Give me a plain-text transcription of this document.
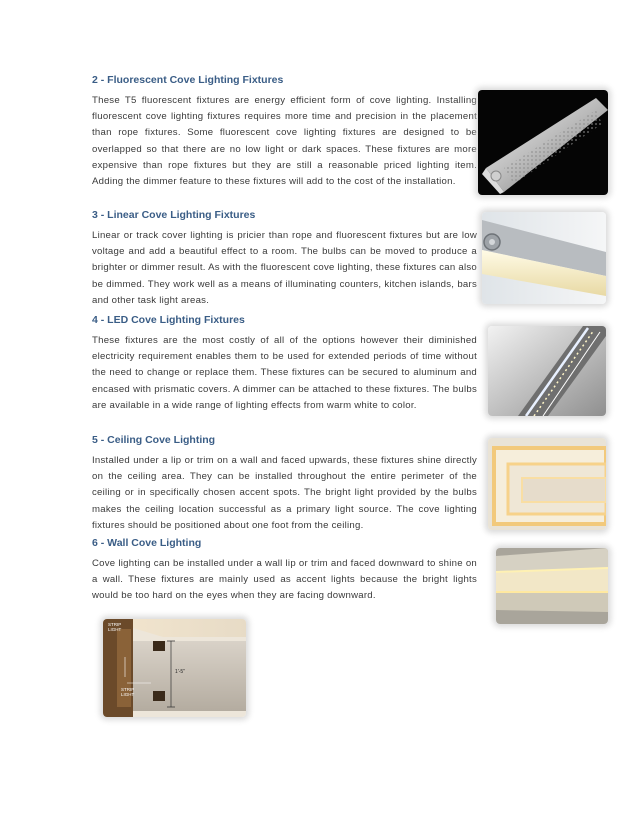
2 - Fluorescent Cove Lighting Fixtures

These T5 fluorescent fixtures are energy efficient form of cove lighting. Installing fluorescent cove lighting fixtures requires more time and precision in the placement than rope fixtures. Some fluorescent cove lighting fixtures are designed to be overlapped so that there are no low light or dark spaces. These fixtures are more expensive than rope fixtures but they are still a reasonable priced lighting item. Adding the dimmer feature to these fixtures will add to the cost of the installation.

3 - Linear Cove Lighting Fixtures

Linear or track cover lighting is pricier than rope and fluorescent fixtures but are low voltage and add a beautiful effect to a room. The bulbs can be moved to produce a brighter or dimmer result. As with the fluorescent cove lighting, these fixtures can also be dimmed. They work well as a means of illuminating counters, kitchen islands, bars and other task light areas.

4 - LED Cove Lighting Fixtures

These fixtures are the most costly of all of the options however their diminished electricity requirement enables them to be used for extended periods of time without the need to change or replace them. These fixtures can be secured to aluminum and encased with prismatic covers. A dimmer can be attached to these fixtures. The bulbs are available in a wide range of lighting effects from warm white to color.

5 - Ceiling Cove Lighting

Installed under a lip or trim on a wall and faced upwards, these fixtures shine directly on the ceiling area. They can be installed throughout the entire perimeter of the ceiling or in specifically chosen accent spots. The bright light provided by the bulbs makes the ceiling location successful as a primary light source. The cove lighting fixtures should be positioned about one foot from the ceiling.

6 - Wall Cove Lighting

Cove lighting can be installed under a wall lip or trim and faced downward to shine on a wall. These fixtures are mainly used as accent lights because the bright lights would be too hard on the eyes when they are facing downward.

STRIP LIGHT
STRIP LIGHT
1'-5"
